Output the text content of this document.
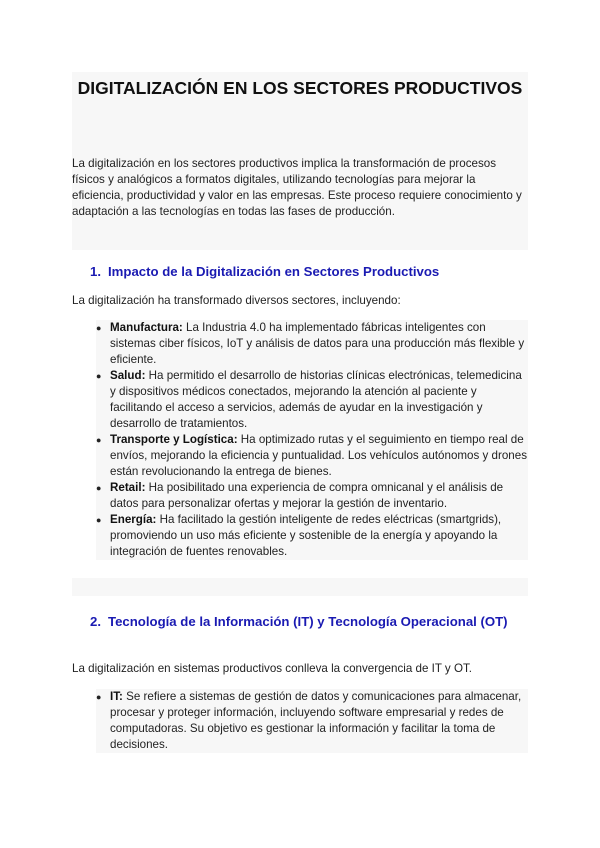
DIGITALIZACIÓN EN LOS SECTORES PRODUCTIVOS

La digitalización en los sectores productivos implica la transformación de procesos físicos y analógicos a formatos digitales, utilizando tecnologías para mejorar la eficiencia, productividad y valor en las empresas. Este proceso requiere conocimiento y adaptación a las tecnologías en todas las fases de producción.

1. Impacto de la Digitalización en Sectores Productivos

La digitalización ha transformado diversos sectores, incluyendo:

● Manufactura: La Industria 4.0 ha implementado fábricas inteligentes con sistemas ciber físicos, IoT y análisis de datos para una producción más flexible y eficiente.
● Salud: Ha permitido el desarrollo de historias clínicas electrónicas, telemedicina y dispositivos médicos conectados, mejorando la atención al paciente y facilitando el acceso a servicios, además de ayudar en la investigación y desarrollo de tratamientos.
● Transporte y Logística: Ha optimizado rutas y el seguimiento en tiempo real de envíos, mejorando la eficiencia y puntualidad. Los vehículos autónomos y drones están revolucionando la entrega de bienes.
● Retail: Ha posibilitado una experiencia de compra omnicanal y el análisis de datos para personalizar ofertas y mejorar la gestión de inventario.
● Energía: Ha facilitado la gestión inteligente de redes eléctricas (smartgrids), promoviendo un uso más eficiente y sostenible de la energía y apoyando la integración de fuentes renovables.
2. Tecnología de la Información (IT) y Tecnología Operacional (OT)

La digitalización en sistemas productivos conlleva la convergencia de IT y OT.

● IT: Se refiere a sistemas de gestión de datos y comunicaciones para almacenar, procesar y proteger información, incluyendo software empresarial y redes de computadoras. Su objetivo es gestionar la información y facilitar la toma de decisiones.
